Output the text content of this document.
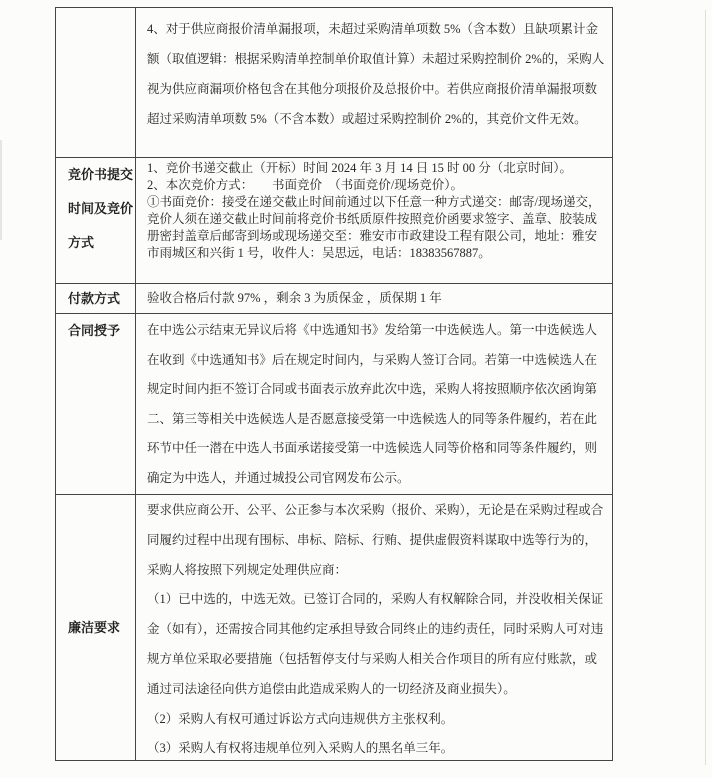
4、对于供应商报价清单漏报项，未超过采购清单项数 5%（含本数）且缺项累计金额（取值逻辑：根据采购清单控制单价取值计算）未超过采购控制价 2%的，采购人视为供应商漏项价格包含在其他分项报价及总报价中。若供应商报价清单漏报项数超过采购清单项数 5%（不含本数）或超过采购控制价 2%的，其竞价文件无效。

竞价书提交时间及竞价方式

1、竞价书递交截止（开标）时间 2024 年 3 月 14 日 15 时 00 分（北京时间）。

2、本次竞价方式：　　书面竞价　（书面竞价/现场竞价）。

①书面竞价：接受在递交截止时间前通过以下任意一种方式递交：邮寄/现场递交，竞价人须在递交截止时间前将竞价书纸质原件按照竞价函要求签字、盖章、胶装成册密封盖章后邮寄到场或现场递交至：雅安市市政建设工程有限公司，地址：雅安市雨城区和兴街 1 号，收件人：吴思远，电话：18383567887。

付款方式	验收合格后付款 97% ，剩余 3 为质保金 ，质保期 1 年

合同授予	在中选公示结束无异议后将《中选通知书》发给第一中选候选人。第一中选候选人在收到《中选通知书》后在规定时间内，与采购人签订合同。若第一中选候选人在规定时间内拒不签订合同或书面表示放弃此次中选，采购人将按照顺序依次函询第二、第三等相关中选候选人是否愿意接受第一中选候选人的同等条件履约，若在此环节中任一潜在中选人书面承诺接受第一中选候选人同等价格和同等条件履约，则确定为中选人，并通过城投公司官网发布公示。

廉洁要求

要求供应商公开、公平、公正参与本次采购（报价、采购），无论是在采购过程或合同履约过程中出现有围标、串标、陪标、行贿、提供虚假资料谋取中选等行为的，采购人将按照下列规定处理供应商：

（1）已中选的，中选无效。已签订合同的，采购人有权解除合同，并没收相关保证金（如有），还需按合同其他约定承担导致合同终止的违约责任，同时采购人可对违规方单位采取必要措施（包括暂停支付与采购人相关合作项目的所有应付账款，或通过司法途径向供方追偿由此造成采购人的一切经济及商业损失）。

（2）采购人有权可通过诉讼方式向违规供方主张权利。

（3）采购人有权将违规单位列入采购人的黑名单三年。
